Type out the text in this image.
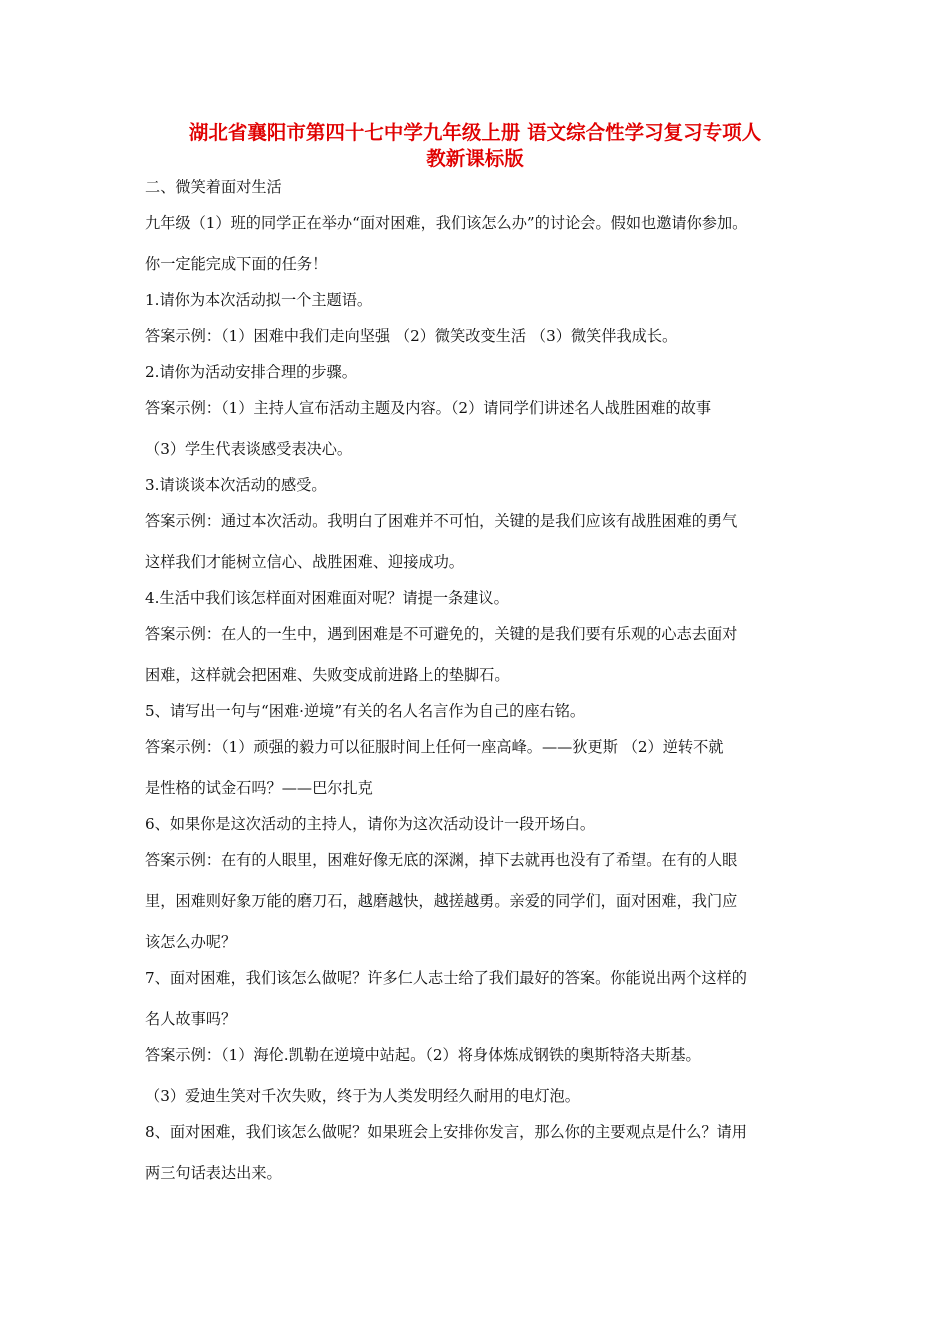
湖北省襄阳市第四十七中学九年级上册 语文综合性学习复习专项人
教新课标版
二、微笑着面对生活
九年级（1）班的同学正在举办“面对困难，我们该怎么办”的讨论会。假如也邀请你参加。
你一定能完成下面的任务！
1.请你为本次活动拟一个主题语。
答案示例：（1）困难中我们走向坚强 （2）微笑改变生活 （3）微笑伴我成长。
2.请你为活动安排合理的步骤。
答案示例：（1）主持人宣布活动主题及内容。（2）请同学们讲述名人战胜困难的故事
（3）学生代表谈感受表决心。
3.请谈谈本次活动的感受。
答案示例：通过本次活动。我明白了困难并不可怕，关键的是我们应该有战胜困难的勇气
这样我们才能树立信心、战胜困难、迎接成功。
4.生活中我们该怎样面对困难面对呢？请提一条建议。
答案示例：在人的一生中，遇到困难是不可避免的，关键的是我们要有乐观的心志去面对
困难，这样就会把困难、失败变成前进路上的垫脚石。
5、请写出一句与“困难·逆境”有关的名人名言作为自己的座右铭。
答案示例：（1）顽强的毅力可以征服时间上任何一座高峰。——狄更斯 （2）逆转不就
是性格的试金石吗？——巴尔扎克
6、如果你是这次活动的主持人，请你为这次活动设计一段开场白。
答案示例：在有的人眼里，困难好像无底的深渊，掉下去就再也没有了希望。在有的人眼
里，困难则好象万能的磨刀石，越磨越快，越搓越勇。亲爱的同学们，面对困难，我门应
该怎么办呢？
7、面对困难，我们该怎么做呢？许多仁人志士给了我们最好的答案。你能说出两个这样的
名人故事吗？
答案示例：（1）海伦.凯勒在逆境中站起。（2）将身体炼成钢铁的奥斯特洛夫斯基。
（3）爱迪生笑对千次失败，终于为人类发明经久耐用的电灯泡。
8、面对困难，我们该怎么做呢？如果班会上安排你发言，那么你的主要观点是什么？请用
两三句话表达出来。
